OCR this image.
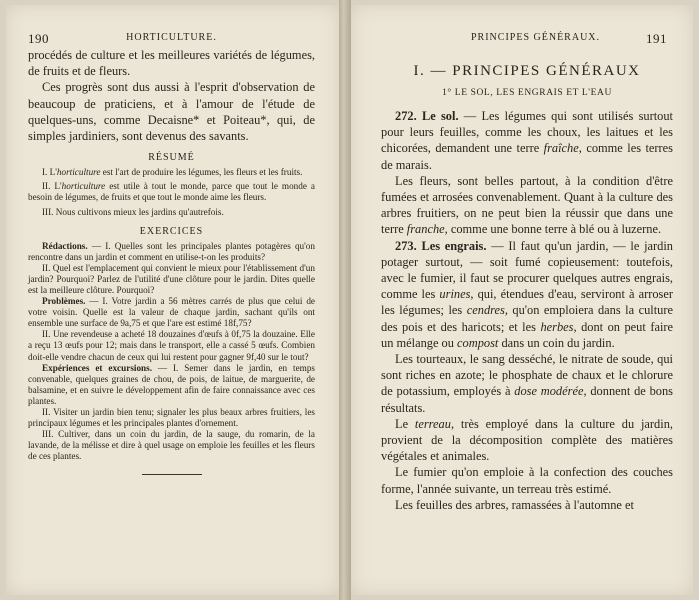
190	HORTICULTURE.

procédés de culture et les meilleures variétés de légumes, de fruits et de fleurs.

Ces progrès sont dus aussi à l'esprit d'observation de beaucoup de praticiens, et à l'amour de l'étude de quelques-uns, comme Decaisne* et Poiteau*, qui, de simples jardiniers, sont devenus des savants.

RÉSUMÉ

I. L'horticulture est l'art de produire les légumes, les fleurs et les fruits.

II. L'horticulture est utile à tout le monde, parce que tout le monde a besoin de légumes, de fruits et que tout le monde aime les fleurs.

III. Nous cultivons mieux les jardins qu'autrefois.

EXERCICES

Rédactions. — I. Quelles sont les principales plantes potagères qu'on rencontre dans un jardin et comment en utilise-t-on les produits?

II. Quel est l'emplacement qui convient le mieux pour l'établissement d'un jardin? Pourquoi? Parlez de l'utilité d'une clôture pour le jardin. Dites quelle est la meilleure clôture. Pourquoi?

Problèmes. — I. Votre jardin a 56 mètres carrés de plus que celui de votre voisin. Quelle est la valeur de chaque jardin, sachant qu'ils ont ensemble une surface de 9a,75 et que l'are est estimé 18f,75?

II. Une revendeuse a acheté 18 douzaines d'œufs à 0f,75 la douzaine. Elle a reçu 13 œufs pour 12; mais dans le transport, elle a cassé 5 œufs. Combien doit-elle vendre chacun de ceux qui lui restent pour gagner 9f,40 sur le tout?

Expériences et excursions. — I. Semer dans le jardin, en temps convenable, quelques graines de chou, de pois, de laitue, de marguerite, de balsamine, et en suivre le développement afin de faire connaissance avec ces plantes.

II. Visiter un jardin bien tenu; signaler les plus beaux arbres fruitiers, les principaux légumes et les principales plantes d'ornement.

III. Cultiver, dans un coin du jardin, de la sauge, du romarin, de la lavande, de la mélisse et dire à quel usage on emploie les feuilles et les fleurs de ces plantes.

PRINCIPES GÉNÉRAUX.	191
I. — PRINCIPES GÉNÉRAUX
1° LE SOL, LES ENGRAIS ET L'EAU

272. Le sol. — Les légumes qui sont utilisés surtout pour leurs feuilles, comme les choux, les laitues et les chicorées, demandent une terre fraîche, comme les terres de marais.

Les fleurs, sont belles partout, à la condition d'être fumées et arrosées convenablement. Quant à la culture des arbres fruitiers, on ne peut bien la réussir que dans une terre franche, comme une bonne terre à blé ou à luzerne.

273. Les engrais. — Il faut qu'un jardin, — le jardin potager surtout, — soit fumé copieusement: toutefois, avec le fumier, il faut se procurer quelques autres engrais, comme les urines, qui, étendues d'eau, serviront à arroser les légumes; les cendres, qu'on emploiera dans la culture des pois et des haricots; et les herbes, dont on peut faire un mélange ou compost dans un coin du jardin.

Les tourteaux, le sang desséché, le nitrate de soude, qui sont riches en azote; le phosphate de chaux et le chlorure de potassium, employés à dose modérée, donnent de bons résultats.

Le terreau, très employé dans la culture du jardin, provient de la décomposition complète des matières végétales et animales.

Le fumier qu'on emploie à la confection des couches forme, l'année suivante, un terreau très estimé.

Les feuilles des arbres, ramassées à l'automne et
